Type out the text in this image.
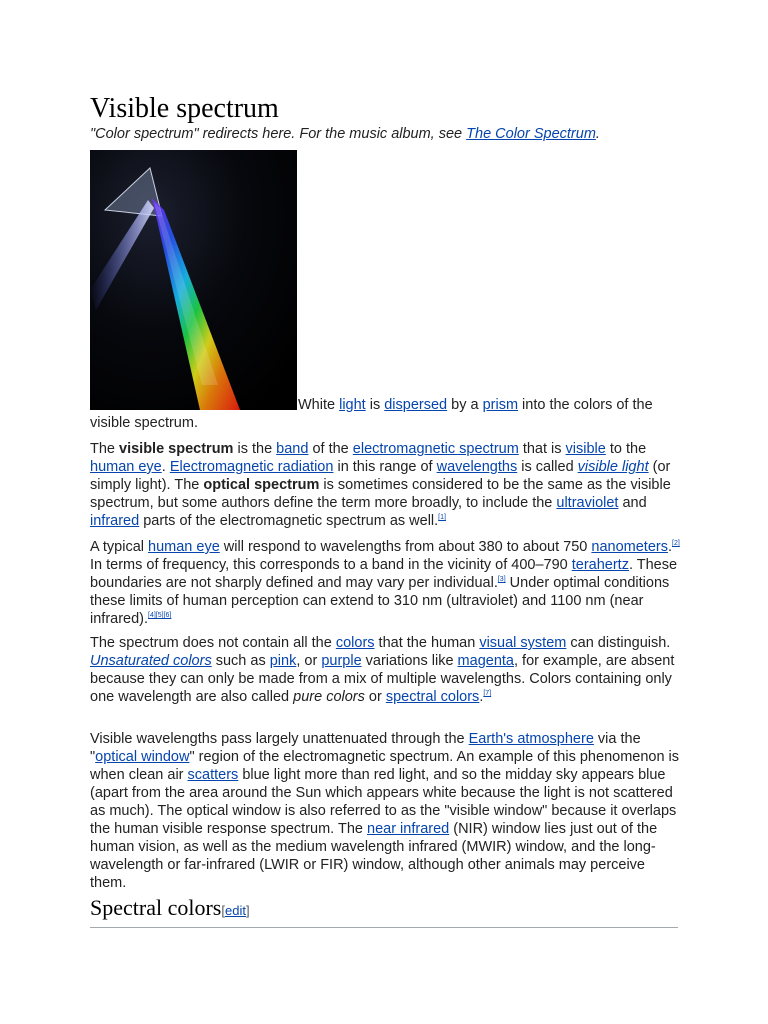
Visible spectrum
"Color spectrum" redirects here. For the music album, see The Color Spectrum.
White light is dispersed by a prism into the colors of the visible spectrum.

The visible spectrum is the band of the electromagnetic spectrum that is visible to the human eye. Electromagnetic radiation in this range of wavelengths is called visible light (or simply light). The optical spectrum is sometimes considered to be the same as the visible spectrum, but some authors define the term more broadly, to include the ultraviolet and infrared parts of the electromagnetic spectrum as well.[1]

A typical human eye will respond to wavelengths from about 380 to about 750 nanometers.[2] In terms of frequency, this corresponds to a band in the vicinity of 400–790 terahertz. These boundaries are not sharply defined and may vary per individual.[3] Under optimal conditions these limits of human perception can extend to 310 nm (ultraviolet) and 1100 nm (near infrared).[4][5][6]

The spectrum does not contain all the colors that the human visual system can distinguish. Unsaturated colors such as pink, or purple variations like magenta, for example, are absent because they can only be made from a mix of multiple wavelengths. Colors containing only one wavelength are also called pure colors or spectral colors.[7]

Visible wavelengths pass largely unattenuated through the Earth's atmosphere via the "optical window" region of the electromagnetic spectrum. An example of this phenomenon is when clean air scatters blue light more than red light, and so the midday sky appears blue (apart from the area around the Sun which appears white because the light is not scattered as much). The optical window is also referred to as the "visible window" because it overlaps the human visible response spectrum. The near infrared (NIR) window lies just out of the human vision, as well as the medium wavelength infrared (MWIR) window, and the long-wavelength or far-infrared (LWIR or FIR) window, although other animals may perceive them.

Spectral colors[edit]
